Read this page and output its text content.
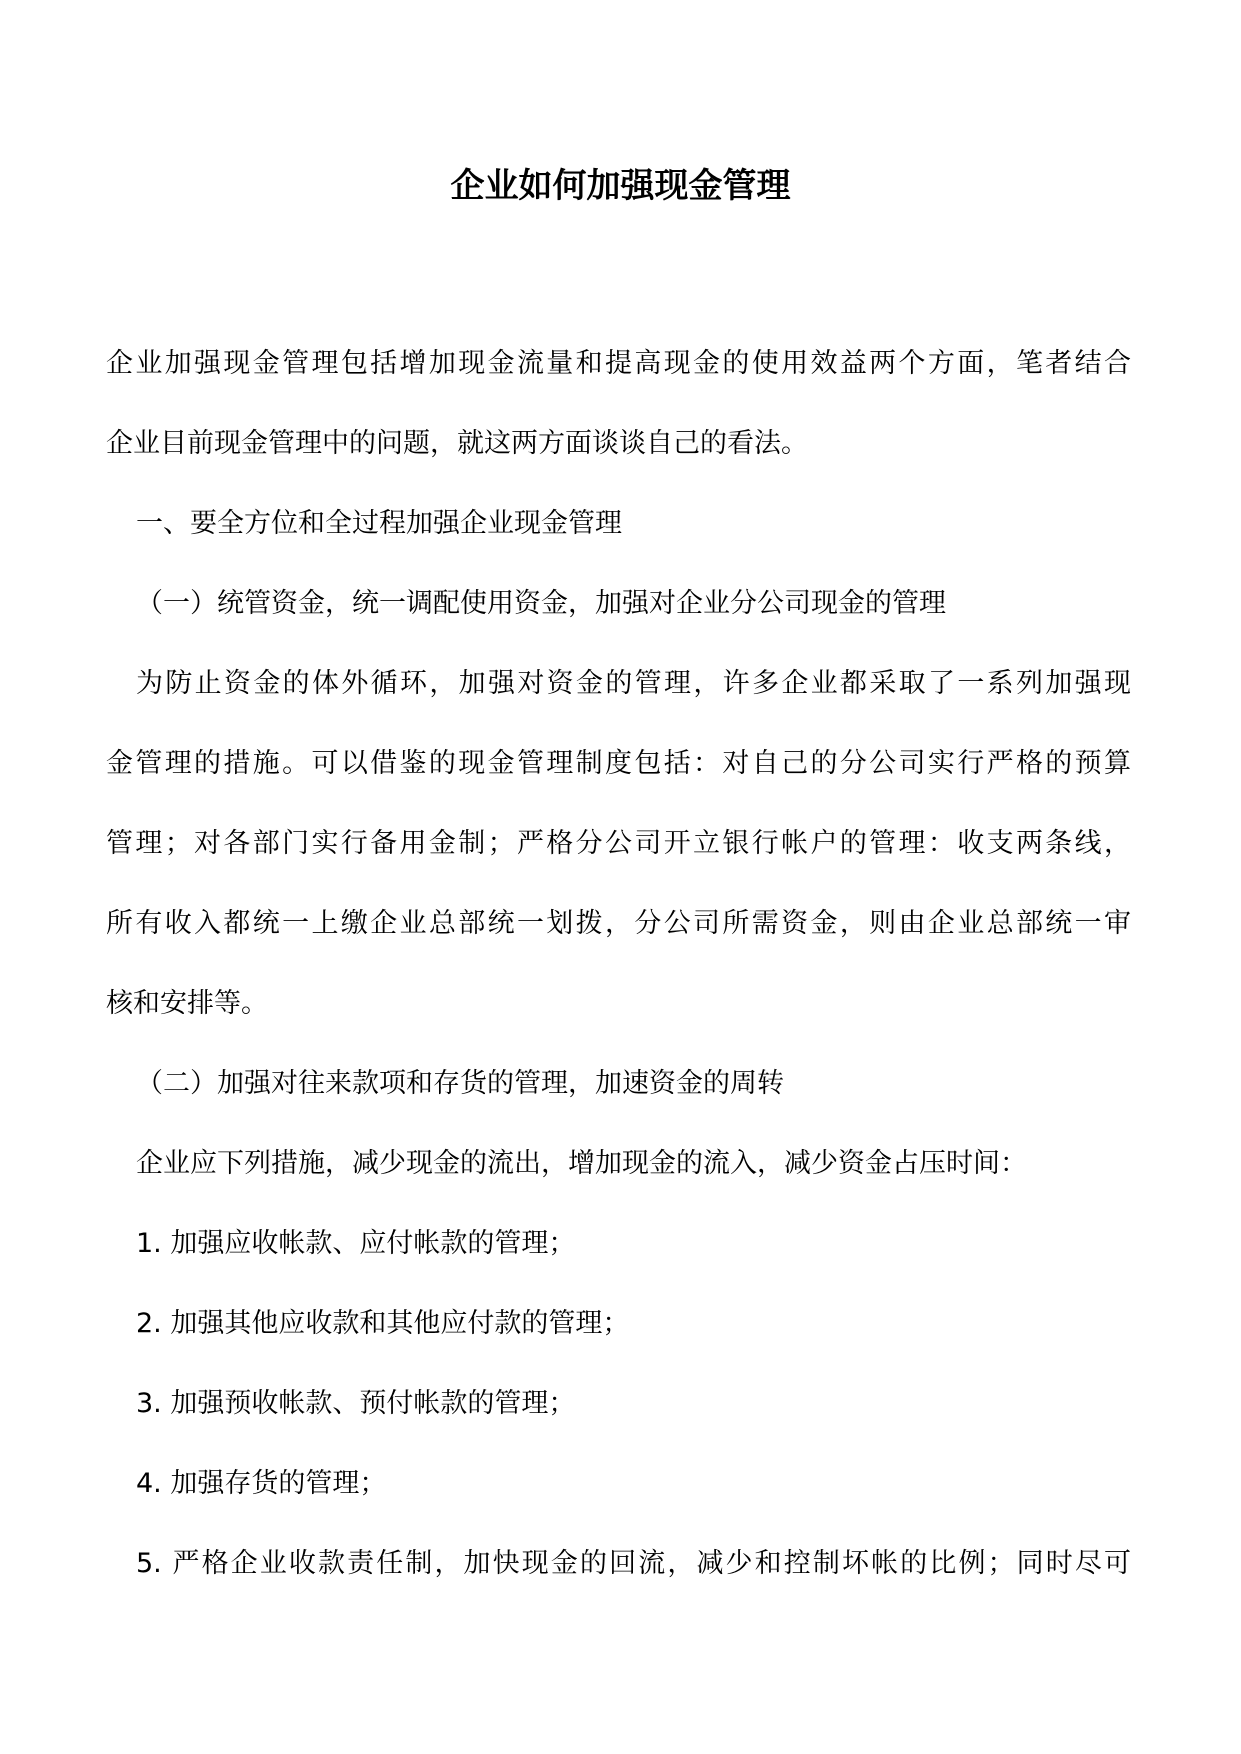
企业如何加强现金管理

企业加强现金管理包括增加现金流量和提高现金的使用效益两个方面，笔者结合

企业目前现金管理中的问题，就这两方面谈谈自己的看法。

一、要全方位和全过程加强企业现金管理

（一）统管资金，统一调配使用资金，加强对企业分公司现金的管理

为防止资金的体外循环，加强对资金的管理，许多企业都采取了一系列加强现

金管理的措施。可以借鉴的现金管理制度包括：对自己的分公司实行严格的预算

管理；对各部门实行备用金制；严格分公司开立银行帐户的管理：收支两条线，

所有收入都统一上缴企业总部统一划拨，分公司所需资金，则由企业总部统一审

核和安排等。

（二）加强对往来款项和存货的管理，加速资金的周转

企业应下列措施，减少现金的流出，增加现金的流入，减少资金占压时间：

1. 加强应收帐款、应付帐款的管理；

2. 加强其他应收款和其他应付款的管理；

3. 加强预收帐款、预付帐款的管理；

4. 加强存货的管理；

5. 严格企业收款责任制，加快现金的回流，减少和控制坏帐的比例；同时尽可
